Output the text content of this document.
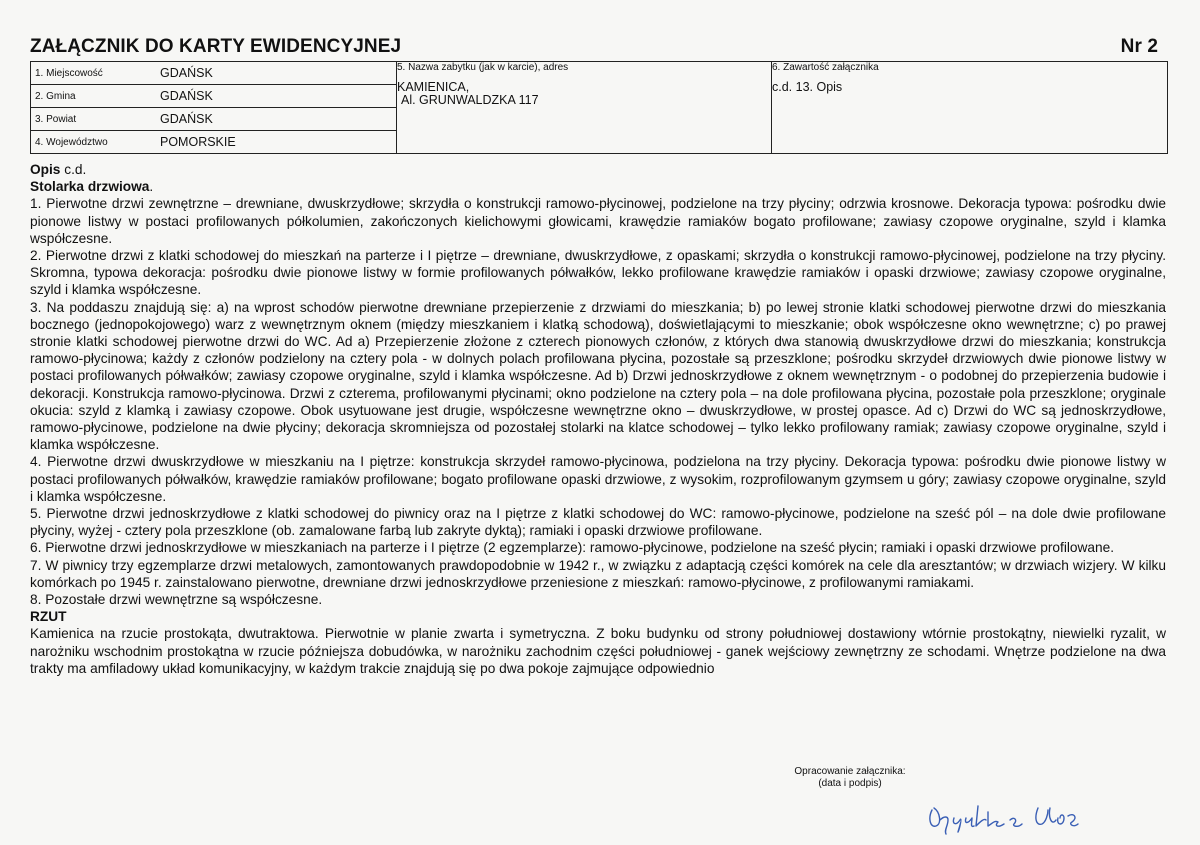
ZAŁĄCZNIK DO KARTY EWIDENCYJNEJ	Nr 2
1. Miejscowość	GDAŃSK	5. Nazwa zabytku (jak w karcie), adres
KAMIENICA,
Al. GRUNWALDZKA 117

6. Zawartość załącznika
c.d. 13. Opis

2. Gmina	GDAŃSK

3. Powiat	GDAŃSK

4. Województwo	POMORSKIE

Opis c.d.

Stolarka drzwiowa.

1. Pierwotne drzwi zewnętrzne – drewniane, dwuskrzydłowe; skrzydła o konstrukcji ramowo-płycinowej, podzielone na trzy płyciny; odrzwia krosnowe. Dekoracja typowa: pośrodku dwie pionowe listwy w postaci profilowanych półkolumien, zakończonych kielichowymi głowicami, krawędzie ramiaków bogato profilowane; zawiasy czopowe oryginalne, szyld i klamka współczesne.

2. Pierwotne drzwi z klatki schodowej do mieszkań na parterze i I piętrze – drewniane, dwuskrzydłowe, z opaskami; skrzydła o konstrukcji ramowo-płycinowej, podzielone na trzy płyciny. Skromna, typowa dekoracja: pośrodku dwie pionowe listwy w formie profilowanych półwałków, lekko profilowane krawędzie ramiaków i opaski drzwiowe; zawiasy czopowe oryginalne, szyld i klamka współczesne.

3. Na poddaszu znajdują się: a) na wprost schodów pierwotne drewniane przepierzenie z drzwiami do mieszkania; b) po lewej stronie klatki schodowej pierwotne drzwi do mieszkania bocznego (jednopokojowego) warz z wewnętrznym oknem (między mieszkaniem i klatką schodową), doświetlającymi to mieszkanie; obok współczesne okno wewnętrzne; c) po prawej stronie klatki schodowej pierwotne drzwi do WC. Ad a) Przepierzenie złożone z czterech pionowych członów, z których dwa stanowią dwuskrzydłowe drzwi do mieszkania; konstrukcja ramowo-płycinowa; każdy z członów podzielony na cztery pola - w dolnych polach profilowana płycina, pozostałe są przeszklone; pośrodku skrzydeł drzwiowych dwie pionowe listwy w postaci profilowanych półwałków; zawiasy czopowe oryginalne, szyld i klamka współczesne. Ad b) Drzwi jednoskrzydłowe z oknem wewnętrznym - o podobnej do przepierzenia budowie i dekoracji. Konstrukcja ramowo-płycinowa. Drzwi z czterema, profilowanymi płycinami; okno podzielone na cztery pola – na dole profilowana płycina, pozostałe pola przeszklone; oryginale okucia: szyld z klamką i zawiasy czopowe. Obok usytuowane jest drugie, współczesne wewnętrzne okno – dwuskrzydłowe, w prostej opasce. Ad c) Drzwi do WC są jednoskrzydłowe, ramowo-płycinowe, podzielone na dwie płyciny; dekoracja skromniejsza od pozostałej stolarki na klatce schodowej – tylko lekko profilowany ramiak; zawiasy czopowe oryginalne, szyld i klamka współczesne.

4. Pierwotne drzwi dwuskrzydłowe w mieszkaniu na I piętrze: konstrukcja skrzydeł ramowo-płycinowa, podzielona na trzy płyciny. Dekoracja typowa: pośrodku dwie pionowe listwy w postaci profilowanych półwałków, krawędzie ramiaków profilowane; bogato profilowane opaski drzwiowe, z wysokim, rozprofilowanym gzymsem u góry; zawiasy czopowe oryginalne, szyld i klamka współczesne.

5. Pierwotne drzwi jednoskrzydłowe z klatki schodowej do piwnicy oraz na I piętrze z klatki schodowej do WC: ramowo-płycinowe, podzielone na sześć pól – na dole dwie profilowane płyciny, wyżej - cztery pola przeszklone (ob. zamalowane farbą lub zakryte dyktą); ramiaki i opaski drzwiowe profilowane.

6. Pierwotne drzwi jednoskrzydłowe w mieszkaniach na parterze i I piętrze (2 egzemplarze): ramowo-płycinowe, podzielone na sześć płycin; ramiaki i opaski drzwiowe profilowane.

7. W piwnicy trzy egzemplarze drzwi metalowych, zamontowanych prawdopodobnie w 1942 r., w związku z adaptacją części komórek na cele dla aresztantów; w drzwiach wizjery. W kilku komórkach po 1945 r. zainstalowano pierwotne, drewniane drzwi jednoskrzydłowe przeniesione z mieszkań: ramowo-płycinowe, z profilowanymi ramiakami.

8. Pozostałe drzwi wewnętrzne są współczesne.

RZUT

Kamienica na rzucie prostokąta, dwutraktowa. Pierwotnie w planie zwarta i symetryczna. Z boku budynku od strony południowej dostawiony wtórnie prostokątny, niewielki ryzalit, w narożniku wschodnim prostokątna w rzucie późniejsza dobudówka, w narożniku zachodnim części południowej - ganek wejściowy zewnętrzny ze schodami. Wnętrze podzielone na dwa trakty ma amfiladowy układ komunikacyjny, w każdym trakcie znajdują się po dwa pokoje zajmujące odpowiednio

Opracowanie załącznika:
(data i podpis)
